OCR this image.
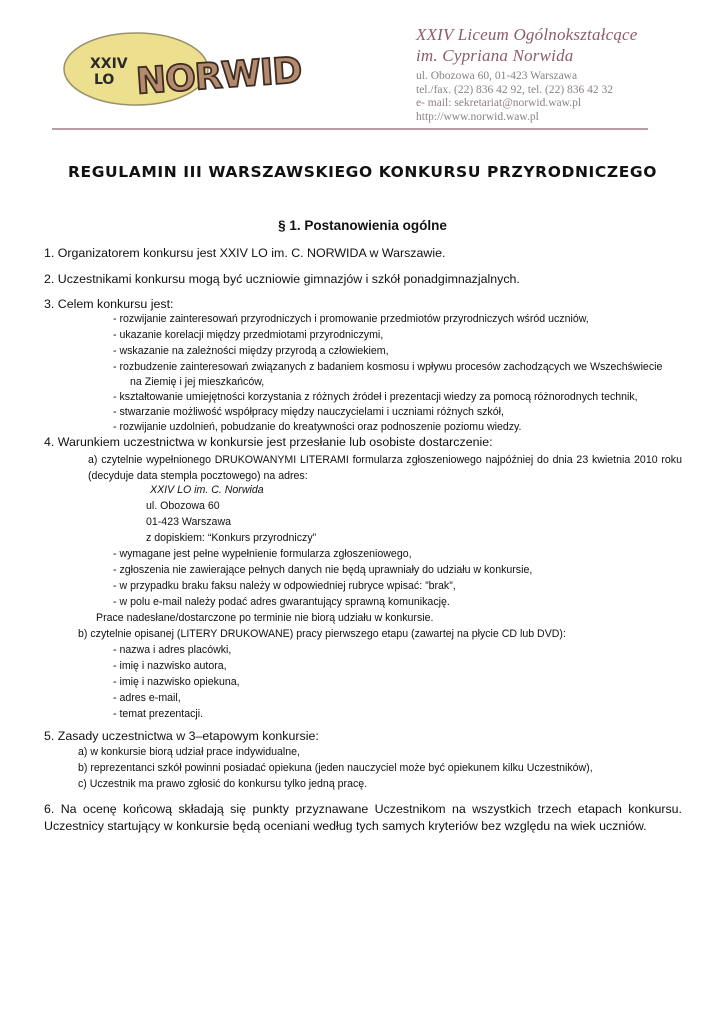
XXIV
LO NORWID
XXIV Liceum Ogólnokształcące
im. Cypriana Norwida
ul. Obozowa 60, 01-423 Warszawa
tel./fax. (22) 836 42 92, tel. (22) 836 42 32
e- mail: sekretariat@norwid.waw.pl
http://www.norwid.waw.pl
REGULAMIN III WARSZAWSKIEGO KONKURSU PRZYRODNICZEGO
§ 1. Postanowienia ogólne
1. Organizatorem konkursu jest XXIV LO im. C. NORWIDA w Warszawie.
2. Uczestnikami konkursu mogą być uczniowie gimnazjów i szkół ponadgimnazjalnych.
3. Celem konkursu jest:
- rozwijanie zainteresowań przyrodniczych i promowanie przedmiotów przyrodniczych wśród uczniów,
- ukazanie korelacji między przedmiotami przyrodniczymi,
- wskazanie na zależności między przyrodą a człowiekiem,
- rozbudzenie zainteresowań związanych z badaniem kosmosu i wpływu procesów zachodzących we Wszechświecie
na Ziemię i jej mieszkańców,
- kształtowanie umiejętności korzystania z różnych źródeł i prezentacji wiedzy za pomocą różnorodnych technik,
- stwarzanie możliwość współpracy między nauczycielami i uczniami różnych szkół,
- rozwijanie uzdolnień, pobudzanie do kreatywności oraz podnoszenie poziomu wiedzy.
4. Warunkiem uczestnictwa w konkursie jest przesłanie lub osobiste dostarczenie:
a) czytelnie wypełnionego DRUKOWANYMI LITERAMI formularza zgłoszeniowego najpóźniej do dnia 23 kwietnia 2010 roku (decyduje data stempla pocztowego) na adres:
XXIV LO im. C. Norwida
ul. Obozowa 60
01-423 Warszawa
z dopiskiem: “Konkurs przyrodniczy”
- wymagane jest pełne wypełnienie formularza zgłoszeniowego,
- zgłoszenia nie zawierające pełnych danych nie będą uprawniały do udziału w konkursie,
- w przypadku braku faksu należy w odpowiedniej rubryce wpisać: ”brak”,
- w polu e-mail należy podać adres gwarantujący sprawną komunikację.
Prace nadesłane/dostarczone po terminie nie biorą udziału w konkursie.
b) czytelnie opisanej (LITERY DRUKOWANE) pracy pierwszego etapu (zawartej na płycie CD lub DVD):
- nazwa i adres placówki,
- imię i nazwisko autora,
- imię i nazwisko opiekuna,
- adres e-mail,
- temat prezentacji.
5. Zasady uczestnictwa w 3–etapowym konkursie:
a) w konkursie biorą udział prace indywidualne,
b) reprezentanci szkół powinni posiadać opiekuna (jeden nauczyciel może być opiekunem kilku Uczestników),
c) Uczestnik ma prawo zgłosić do konkursu tylko jedną pracę.
6. Na ocenę końcową składają się punkty przyznawane Uczestnikom na wszystkich trzech etapach konkursu. Uczestnicy startujący w konkursie będą oceniani według tych samych kryteriów bez względu na wiek uczniów.
